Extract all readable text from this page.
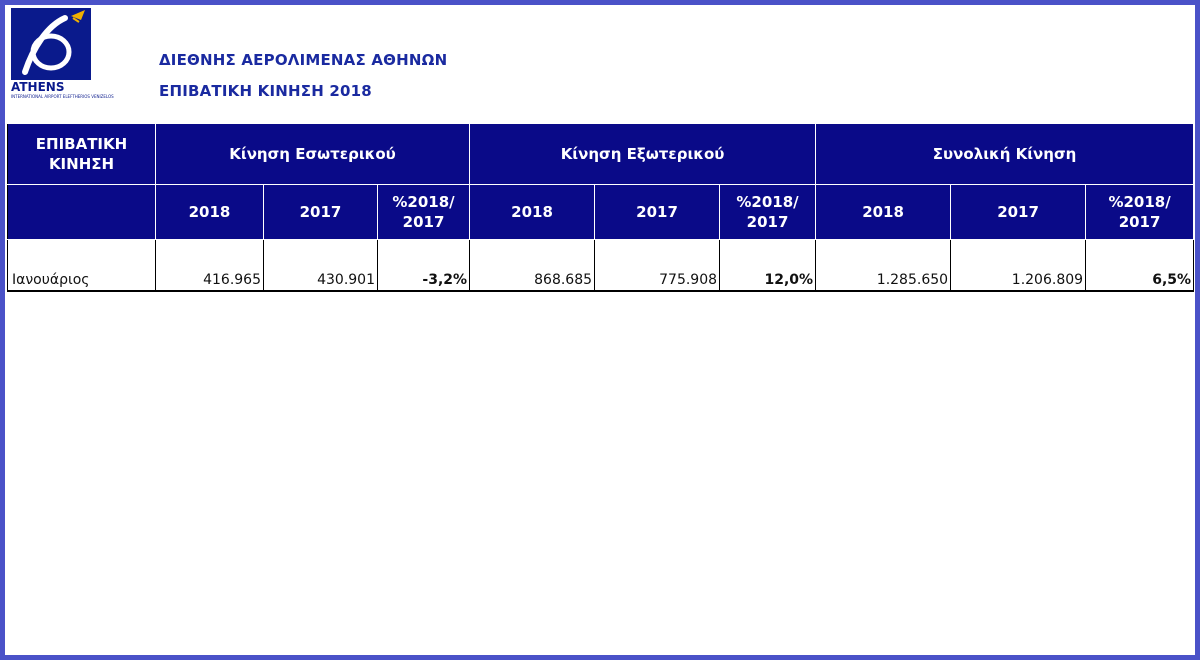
ATHENS
INTERNATIONAL AIRPORT ELEFTHERIOS VENIZELOS
ΔΙΕΘΝΗΣ ΑΕΡΟΛΙΜΕΝΑΣ ΑΘΗΝΩΝ
ΕΠΙΒΑΤΙΚΗ ΚΙΝΗΣΗ 2018
ΕΠΙΒΑΤΙΚΗ ΚΙΝΗΣΗ	Κίνηση Εσωτερικού			Κίνηση Εξωτερικού			Συνολική Κίνηση		
	2018	2017	%2018/ 2017	2018	2017	%2018/ 2017	2018	2017	%2018/ 2017
Ιανουάριος	416.965	430.901	-3,2%	868.685	775.908	12,0%	1.285.650	1.206.809	6,5%
